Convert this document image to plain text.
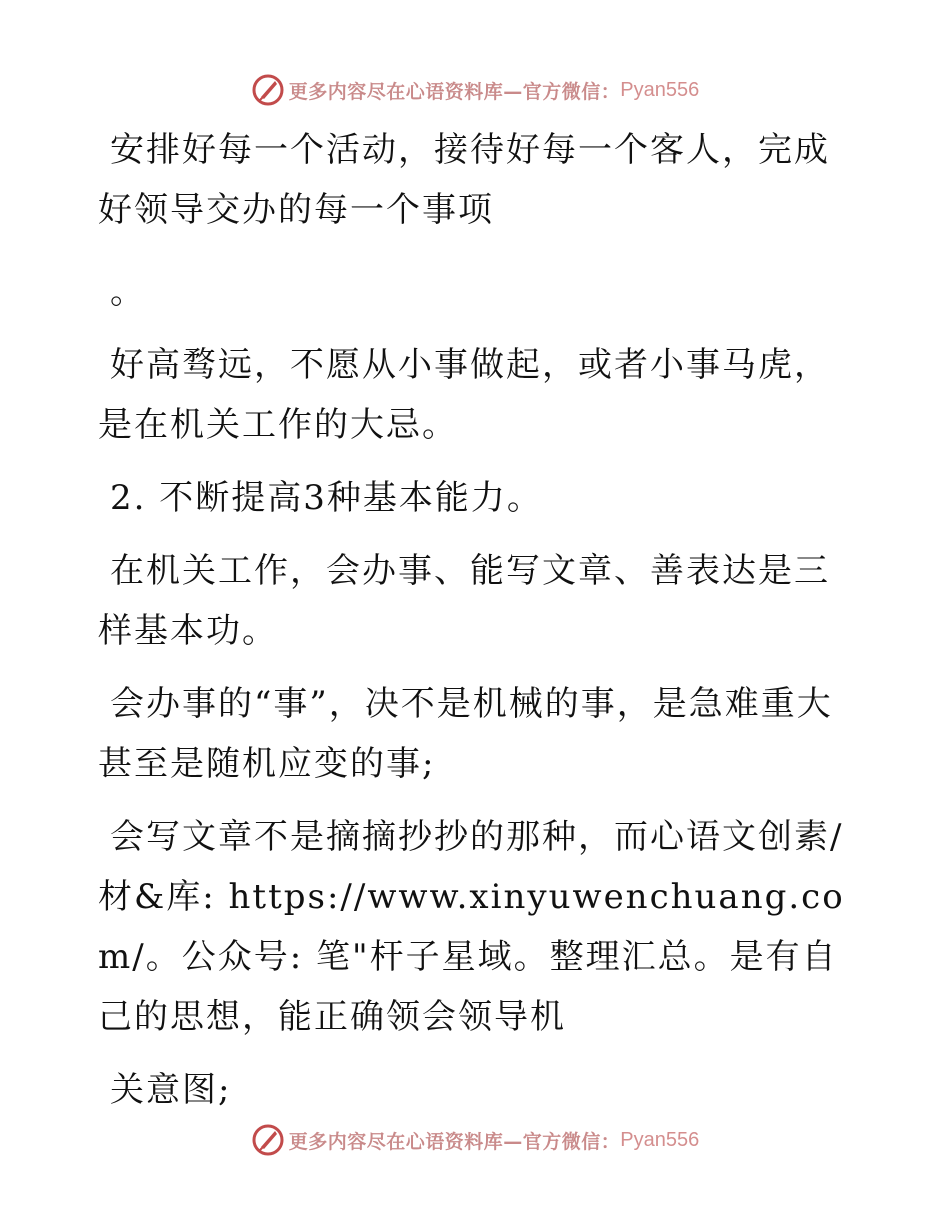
更多内容尽在心语资料库—官方微信： Pyan556

安排好每一个活动，接待好每一个客人，完成好领导交办的每一个事项

。

好高骛远，不愿从小事做起，或者小事马虎，是在机关工作的大忌。

2. 不断提高3种基本能力。

在机关工作，会办事、能写文章、善表达是三样基本功。

会办事的“事”，决不是机械的事，是急难重大甚至是随机应变的事;

会写文章不是摘摘抄抄的那种，而心语文创素/材&库: https://www.xinyuwenchuang.com/。公众号: 笔"杆子星域。整理汇总。是有自己的思想，能正确领会领导机

关意图;

更多内容尽在心语资料库—官方微信： Pyan556
